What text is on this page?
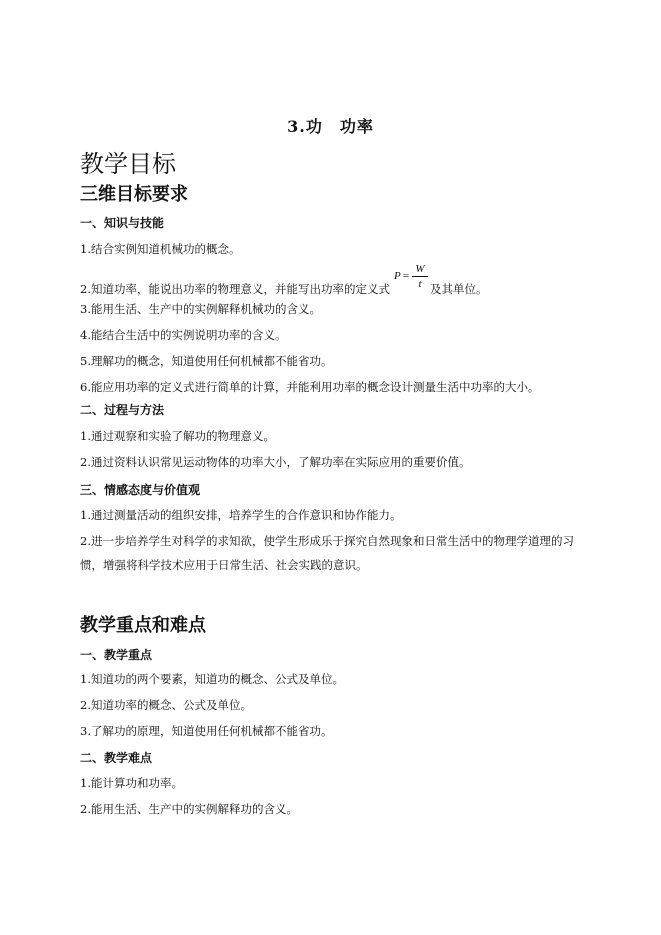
3.功　功率
教学目标
三维目标要求
一、知识与技能
1.结合实例知道机械功的概念。
2.知道功率，能说出功率的物理意义，并能写出功率的定义式
P =
W
t 及其单位。
3.能用生活、生产中的实例解释机械功的含义。
4.能结合生活中的实例说明功率的含义。
5.理解功的概念，知道使用任何机械都不能省功。
6.能应用功率的定义式进行简单的计算，并能利用功率的概念设计测量生活中功率的大小。
二、过程与方法
1.通过观察和实验了解功的物理意义。
2.通过资料认识常见运动物体的功率大小，了解功率在实际应用的重要价值。
三、情感态度与价值观
1.通过测量活动的组织安排，培养学生的合作意识和协作能力。
2.进一步培养学生对科学的求知欲，使学生形成乐于探究自然现象和日常生活中的物理学道理的习
惯，增强将科学技术应用于日常生活、社会实践的意识。
教学重点和难点
一、教学重点
1.知道功的两个要素，知道功的概念、公式及单位。
2.知道功率的概念、公式及单位。
3.了解功的原理，知道使用任何机械都不能省功。
二、教学难点
1.能计算功和功率。
2.能用生活、生产中的实例解释功的含义。
